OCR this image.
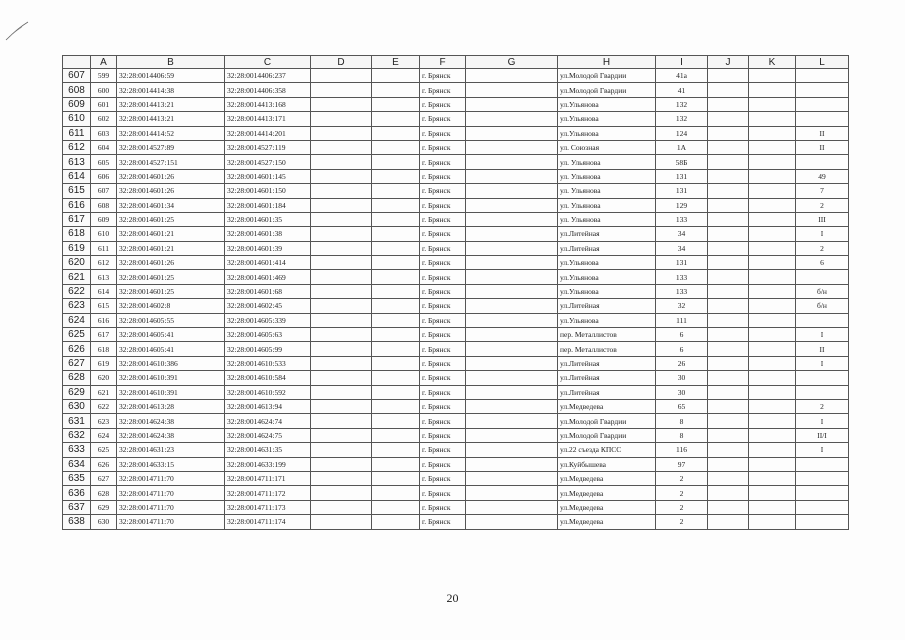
	A	B	C	D	E	F	G	H	I	J	K	L
607	599	32:28:0014406:59	32:28:0014406:237			г. Брянск		ул.Молодой Гвардии	41а			
608	600	32:28:0014414:38	32:28:0014406:358			г. Брянск		ул.Молодой Гвардии	41			
609	601	32:28:0014413:21	32:28:0014413:168			г. Брянск		ул.Ульянова	132			
610	602	32:28:0014413:21	32:28:0014413:171			г. Брянск		ул.Ульянова	132			
611	603	32:28:0014414:52	32:28:0014414:201			г. Брянск		ул.Ульянова	124			II
612	604	32:28:0014527:89	32:28:0014527:119			г. Брянск		ул. Союзная	1А			II
613	605	32:28:0014527:151	32:28:0014527:150			г. Брянск		ул. Ульянова	58Б			
614	606	32:28:0014601:26	32:28:0014601:145			г. Брянск		ул. Ульянова	131			49
615	607	32:28:0014601:26	32:28:0014601:150			г. Брянск		ул. Ульянова	131			7
616	608	32:28:0014601:34	32:28:0014601:184			г. Брянск		ул. Ульянова	129			2
617	609	32:28:0014601:25	32:28:0014601:35			г. Брянск		ул. Ульянова	133			III
618	610	32:28:0014601:21	32:28:0014601:38			г. Брянск		ул.Литейная	34			I
619	611	32:28:0014601:21	32:28:0014601:39			г. Брянск		ул.Литейная	34			2
620	612	32:28:0014601:26	32:28:0014601:414			г. Брянск		ул.Ульянова	131			6
621	613	32:28:0014601:25	32:28:0014601:469			г. Брянск		ул.Ульянова	133			
622	614	32:28:0014601:25	32:28:0014601:68			г. Брянск		ул.Ульянова	133			б/н
623	615	32:28:0014602:8	32:28:0014602:45			г. Брянск		ул.Литейная	32			б/н
624	616	32:28:0014605:55	32:28:0014605:339			г. Брянск		ул.Ульянова	111			
625	617	32:28:0014605:41	32:28:0014605:63			г. Брянск		пер. Металлистов	6			I
626	618	32:28:0014605:41	32:28:0014605:99			г. Брянск		пер. Металлистов	6			II
627	619	32:28:0014610:386	32:28:0014610:533			г. Брянск		ул.Литейная	26			I
628	620	32:28:0014610:391	32:28:0014610:584			г. Брянск		ул.Литейная	30			
629	621	32:28:0014610:391	32:28:0014610:592			г. Брянск		ул.Литейная	30			
630	622	32:28:0014613:28	32:28:0014613:94			г. Брянск		ул.Медведева	65			2
631	623	32:28:0014624:38	32:28:0014624:74			г. Брянск		ул.Молодой Гвардии	8			I
632	624	32:28:0014624:38	32:28:0014624:75			г. Брянск		ул.Молодой Гвардии	8			II/I
633	625	32:28:0014631:23	32:28:0014631:35			г. Брянск		ул.22 съезда КПСС	116			I
634	626	32:28:0014633:15	32:28:0014633:199			г. Брянск		ул.Куйбышева	97			
635	627	32:28:0014711:70	32:28:0014711:171			г. Брянск		ул.Медведева	2			
636	628	32:28:0014711:70	32:28:0014711:172			г. Брянск		ул.Медведева	2			
637	629	32:28:0014711:70	32:28:0014711:173			г. Брянск		ул.Медведева	2			
638	630	32:28:0014711:70	32:28:0014711:174			г. Брянск		ул.Медведева	2			
20
